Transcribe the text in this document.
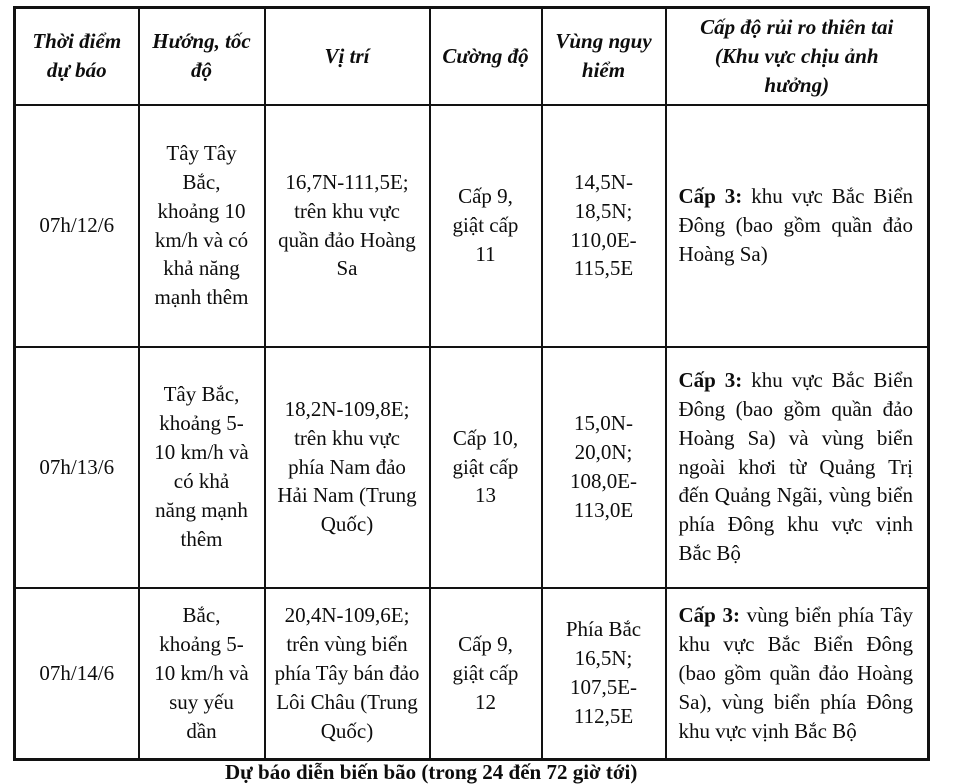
Thời điểm dự báo	Hướng, tốc độ	Vị trí	Cường độ	Vùng nguy hiểm	Cấp độ rủi ro thiên tai (Khu vực chịu ảnh hưởng)
07h/12/6	Tây Tây Bắc, khoảng 10 km/h và có khả năng mạnh thêm	16,7N-111,5E; trên khu vực quần đảo Hoàng Sa	Cấp 9, giật cấp 11	14,5N-18,5N; 110,0E-115,5E	Cấp 3: khu vực Bắc Biển Đông (bao gồm quần đảo Hoàng Sa)
07h/13/6	Tây Bắc, khoảng 5-10 km/h và có khả năng mạnh thêm	18,2N-109,8E; trên khu vực phía Nam đảo Hải Nam (Trung Quốc)	Cấp 10, giật cấp 13	15,0N-20,0N; 108,0E-113,0E	Cấp 3: khu vực Bắc Biển Đông (bao gồm quần đảo Hoàng Sa) và vùng biển ngoài khơi từ Quảng Trị đến Quảng Ngãi, vùng biển phía Đông khu vực vịnh Bắc Bộ
07h/14/6	Bắc, khoảng 5-10 km/h và suy yếu dần	20,4N-109,6E; trên vùng biển phía Tây bán đảo Lôi Châu (Trung Quốc)	Cấp 9, giật cấp 12	Phía Bắc 16,5N; 107,5E-112,5E	Cấp 3: vùng biển phía Tây khu vực Bắc Biển Đông (bao gồm quần đảo Hoàng Sa), vùng biển phía Đông khu vực vịnh Bắc Bộ
Dự báo diễn biến bão (trong 24 đến 72 giờ tới)
